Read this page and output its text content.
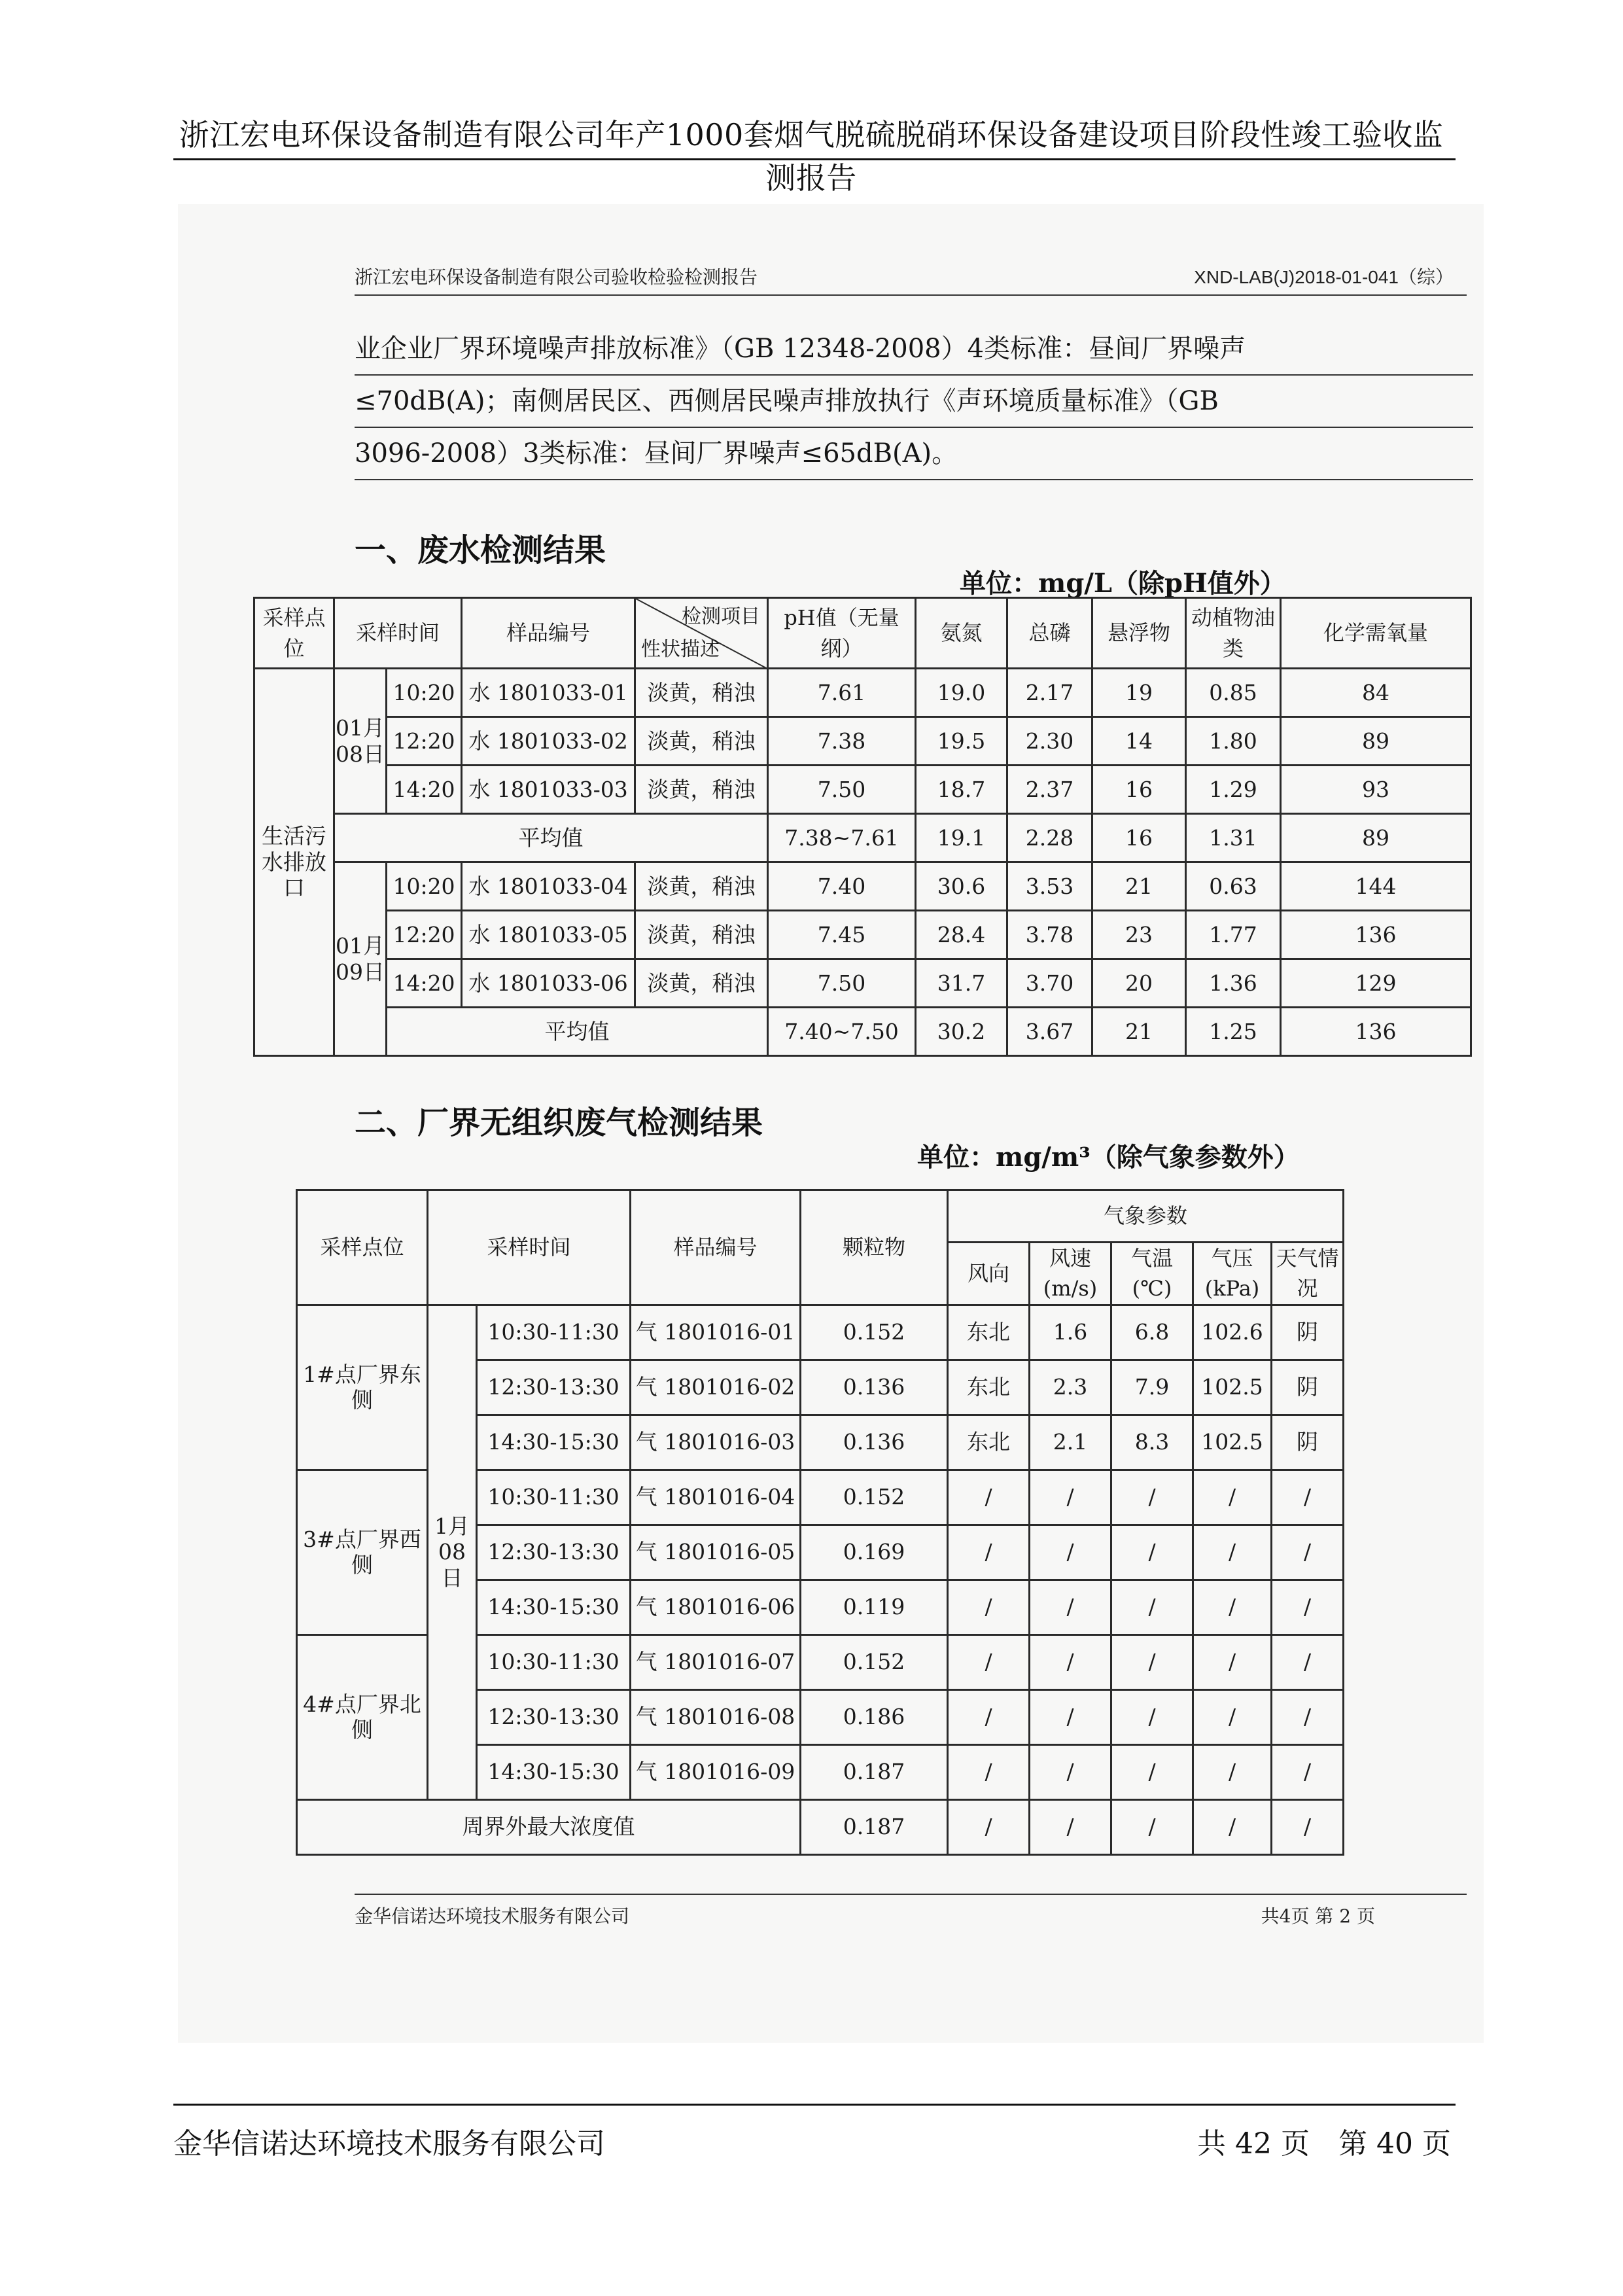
浙江宏电环保设备制造有限公司年产1000套烟气脱硫脱硝环保设备建设项目阶段性竣工验收监测报告
浙江宏电环保设备制造有限公司验收检验检测报告	XND-LAB(J)2018-01-041（综）

业企业厂界环境噪声排放标准》（GB 12348-2008）4类标准：昼间厂界噪声

≤70dB(A)；南侧居民区、西侧居民噪声排放执行《声环境质量标准》（GB

3096-2008）3类标准：昼间厂界噪声≤65dB(A)。

一、废水检测结果
单位：mg/L（除pH值外）
采样点位	采样时间		样品编号	检测项目
性状描述	pH值（无量纲）	氨氮	总磷	悬浮物	动植物油类	化学需氧量
生活污水排放口	01月08日	10:20	水 1801033-01	淡黄，稍浊	7.61	19.0	2.17	19	0.85	84
		12:20	水 1801033-02	淡黄，稍浊	7.38	19.5	2.30	14	1.80	89
		14:20	水 1801033-03	淡黄，稍浊	7.50	18.7	2.37	16	1.29	93
	平均值				7.38~7.61	19.1	2.28	16	1.31	89
	01月09日	10:20	水 1801033-04	淡黄，稍浊	7.40	30.6	3.53	21	0.63	144
		12:20	水 1801033-05	淡黄，稍浊	7.45	28.4	3.78	23	1.77	136
		14:20	水 1801033-06	淡黄，稍浊	7.50	31.7	3.70	20	1.36	129
		平均值			7.40~7.50	30.2	3.67	21	1.25	136
二、厂界无组织废气检测结果
单位：mg/m³（除气象参数外）
采样点位	采样时间		样品编号	颗粒物	气象参数				
					风向	风速(m/s)	气温(℃)	气压(kPa)	天气情况
1#点厂界东侧	1月08日	10:30-11:30	气 1801016-01	0.152	东北	1.6	6.8	102.6	阴
		12:30-13:30	气 1801016-02	0.136	东北	2.3	7.9	102.5	阴
		14:30-15:30	气 1801016-03	0.136	东北	2.1	8.3	102.5	阴
3#点厂界西侧		10:30-11:30	气 1801016-04	0.152	/	/	/	/	/
		12:30-13:30	气 1801016-05	0.169	/	/	/	/	/
		14:30-15:30	气 1801016-06	0.119	/	/	/	/	/
4#点厂界北侧		10:30-11:30	气 1801016-07	0.152	/	/	/	/	/
		12:30-13:30	气 1801016-08	0.186	/	/	/	/	/
		14:30-15:30	气 1801016-09	0.187	/	/	/	/	/
周界外最大浓度值				0.187	/	/	/	/	/
金华信诺达环境技术服务有限公司	共4页 第 2 页
金华信诺达环境技术服务有限公司	共 42 页　第 40 页
